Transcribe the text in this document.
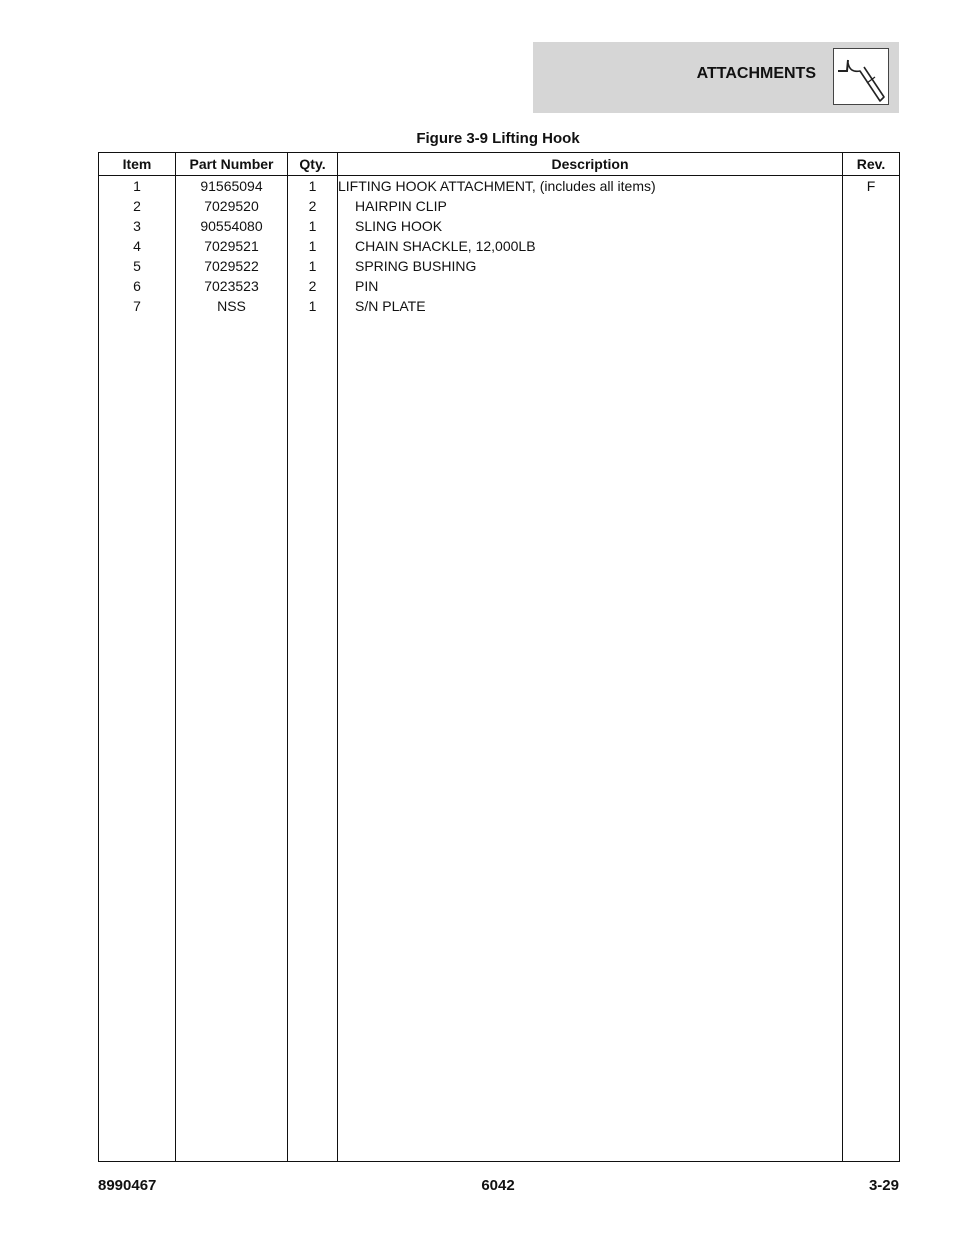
ATTACHMENTS
Figure 3-9 Lifting Hook
Item	Part Number	Qty.	Description	Rev.
1	91565094	1	LIFTING HOOK ATTACHMENT, (includes all items)	F
2	7029520	2	HAIRPIN CLIP	
3	90554080	1	SLING HOOK	
4	7029521	1	CHAIN SHACKLE, 12,000LB	
5	7029522	1	SPRING BUSHING	
6	7023523	2	PIN	
7	NSS	1	S/N PLATE	

8990467	6042	3-29
